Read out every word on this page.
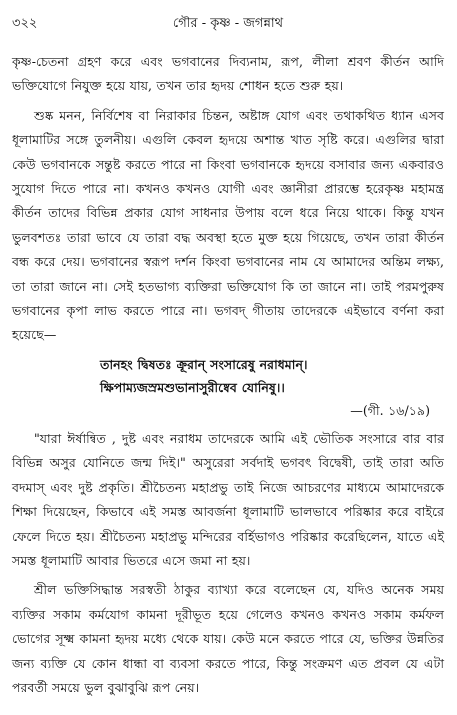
৩২২	গৌর - কৃষ্ণ - জগন্নাথ

কৃষ্ণ-চেতনা গ্রহণ করে এবং ভগবানের দিব্যনাম, রূপ, লীলা শ্রবণ কীর্তন আদি ভক্তিযোগে নিযুক্ত হয়ে যায়, তখন তার হৃদয় শোধন হতে শুরু হয়।

শুষ্ক মনন, নির্বিশেষ বা নিরাকার চিন্তন, অষ্টাঙ্গ যোগ এবং তথাকথিত ধ্যান এসব ধূলামাটির সঙ্গে তুলনীয়। এগুলি কেবল হৃদয়ে অশান্ত খাত সৃষ্টি করে। এগুলির দ্বারা কেউ ভগবানকে সন্তুষ্ট করতে পারে না কিংবা ভগবানকে হৃদয়ে বসাবার জন্য একবারও সুযোগ দিতে পারে না। কখনও কখনও যোগী এবং জ্ঞানীরা প্রারম্ভে হরেকৃষ্ণ মহামন্ত্র কীর্তন তাদের বিভিন্ন প্রকার যোগ সাধনার উপায় বলে ধরে নিয়ে থাকে। কিন্তু যখন ভুলবশতঃ তারা ভাবে যে তারা বদ্ধ অবস্থা হতে মুক্ত হয়ে গিয়েছে, তখন তারা কীর্তন বন্ধ করে দেয়। ভগবানের স্বরূপ দর্শন কিংবা ভগবানের নাম যে আমাদের অন্তিম লক্ষ্য, তা তারা জানে না। সেই হতভাগ্য ব্যক্তিরা ভক্তিযোগ কি তা জানে না। তাই পরমপুরুষ ভগবানের কৃপা লাভ করতে পারে না। ভগবদ্ গীতায় তাদেরকে এইভাবে বর্ণনা করা হয়েছে—

তানহং দ্বিষতঃ ক্রূরান্ সংসারেষু নরাধমান্।
ক্ষিপাম্যজস্রমশুভানাসুরীষ্বেব যোনিষু।।
—(গী. ১৬/১৯)

"যারা ঈর্ষান্বিত , দুষ্ট এবং নরাধম তাদেরকে আমি এই ভৌতিক সংসারে বার বার বিভিন্ন অসুর যোনিতে জন্ম দিই।" অসুরেরা সর্বদাই ভগবৎ বিদ্বেষী, তাই তারা অতি বদমাস্ এবং দুষ্ট প্রকৃতি। শ্রীচৈতন্য মহাপ্রভু তাই নিজে আচরণের মাধ্যমে আমাদেরকে শিক্ষা দিয়েছেন, কিভাবে এই সমস্ত আবর্জনা ধূলামাটি ভালভাবে পরিষ্কার করে বাইরে ফেলে দিতে হয়। শ্রীচৈতন্য মহাপ্রভু মন্দিরের বর্হিভাগও পরিষ্কার করেছিলেন, যাতে এই সমস্ত ধূলামাটি আবার ভিতরে এসে জমা না হয়।

শ্রীল ভক্তিসিদ্ধান্ত সরস্বতী ঠাকুর ব্যাখ্যা করে বলেছেন যে, যদিও অনেক সময় ব্যক্তির সকাম কর্মযোগ কামনা দূরীভূত হয়ে গেলেও কখনও কখনও সকাম কর্মফল ভোগের সূক্ষ্ম কামনা হৃদয় মধ্যে থেকে যায়। কেউ মনে করতে পারে যে, ভক্তির উন্নতির জন্য ব্যক্তি যে কোন ধান্ধা বা ব্যবসা করতে পারে, কিন্তু সংক্রমণ এত প্রবল যে এটা পরবর্তী সময়ে ভুল বুঝাবুঝি রূপ নেয়।
